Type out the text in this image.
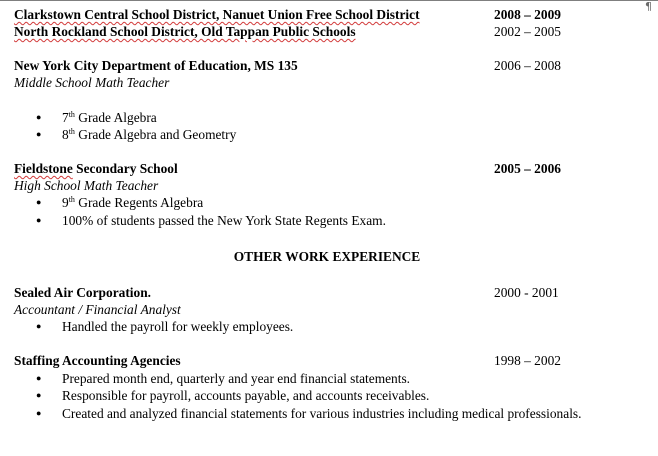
¶
Clarkstown Central School District, Nanuet Union Free School District	2008 – 2009
North Rockland School District, Old Tappan Public Schools	2002 – 2005
New York City Department of Education, MS 135	2006 – 2008
Middle School Math Teacher
● 7th Grade Algebra
● 8th Grade Algebra and Geometry
Fieldstone Secondary School	2005 – 2006
High School Math Teacher
● 9th Grade Regents Algebra
● 100% of students passed the New York State Regents Exam.
OTHER WORK EXPERIENCE
Sealed Air Corporation.	2000 - 2001
Accountant / Financial Analyst
● Handled the payroll for weekly employees.
Staffing Accounting Agencies	1998 – 2002
● Prepared month end, quarterly and year end financial statements.
● Responsible for payroll, accounts payable, and accounts receivables.
● Created and analyzed financial statements for various industries including medical professionals.
